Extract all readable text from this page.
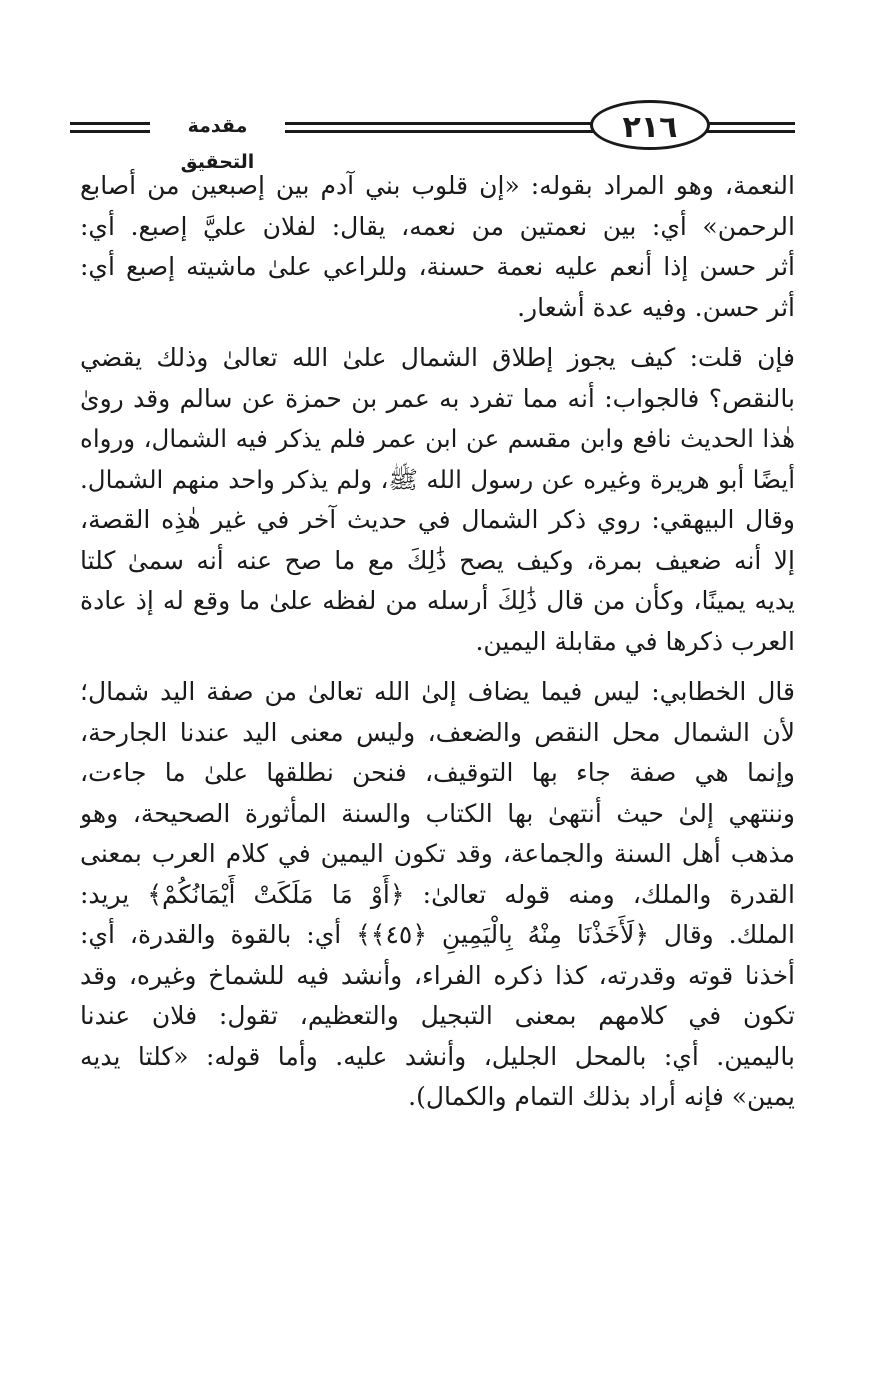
مقدمة التحقيق
٢١٦
النعمة، وهو المراد بقوله: «إن قلوب بني آدم بين إصبعين من أصابع
الرحمن» أي: بين نعمتين من نعمه، يقال: لفلان عليَّ إصبع. أي:
أثر حسن إذا أنعم عليه نعمة حسنة، وللراعي علىٰ ماشيته إصبع أي:
أثر حسن. وفيه عدة أشعار.
فإن قلت: كيف يجوز إطلاق الشمال علىٰ الله تعالىٰ وذلك يقضي
بالنقص؟ فالجواب: أنه مما تفرد به عمر بن حمزة عن سالم وقد روىٰ
هٰذا الحديث نافع وابن مقسم عن ابن عمر فلم يذكر فيه الشمال، ورواه
أيضًا أبو هريرة وغيره عن رسول الله ﷺ، ولم يذكر واحد منهم الشمال.
وقال البيهقي: روي ذكر الشمال في حديث آخر في غير هٰذِه القصة،
إلا أنه ضعيف بمرة، وكيف يصح ذَٰلِكَ مع ما صح عنه أنه سمىٰ كلتا
يديه يمينًا، وكأن من قال ذَٰلِكَ أرسله من لفظه علىٰ ما وقع له إذ عادة
العرب ذكرها في مقابلة اليمين.
قال الخطابي: ليس فيما يضاف إلىٰ الله تعالىٰ من صفة اليد شمال؛
لأن الشمال محل النقص والضعف، وليس معنى اليد عندنا الجارحة،
وإنما هي صفة جاء بها التوقيف، فنحن نطلقها علىٰ ما جاءت،
وننتهي إلىٰ حيث أنتهىٰ بها الكتاب والسنة المأثورة الصحيحة، وهو
مذهب أهل السنة والجماعة، وقد تكون اليمين في كلام العرب بمعنى
القدرة والملك، ومنه قوله تعالىٰ: ﴿أَوْ مَا مَلَكَتْ أَيْمَانُكُمْ﴾ يريد:
الملك. وقال ﴿لَأَخَذْنَا مِنْهُ بِالْيَمِينِ ﴿٤٥﴾﴾ أي: بالقوة والقدرة، أي:
أخذنا قوته وقدرته، كذا ذكره الفراء، وأنشد فيه للشماخ وغيره، وقد
تكون في كلامهم بمعنى التبجيل والتعظيم، تقول: فلان عندنا
باليمين. أي: بالمحل الجليل، وأنشد عليه. وأما قوله: «كلتا يديه
يمين» فإنه أراد بذلك التمام والكمال).
